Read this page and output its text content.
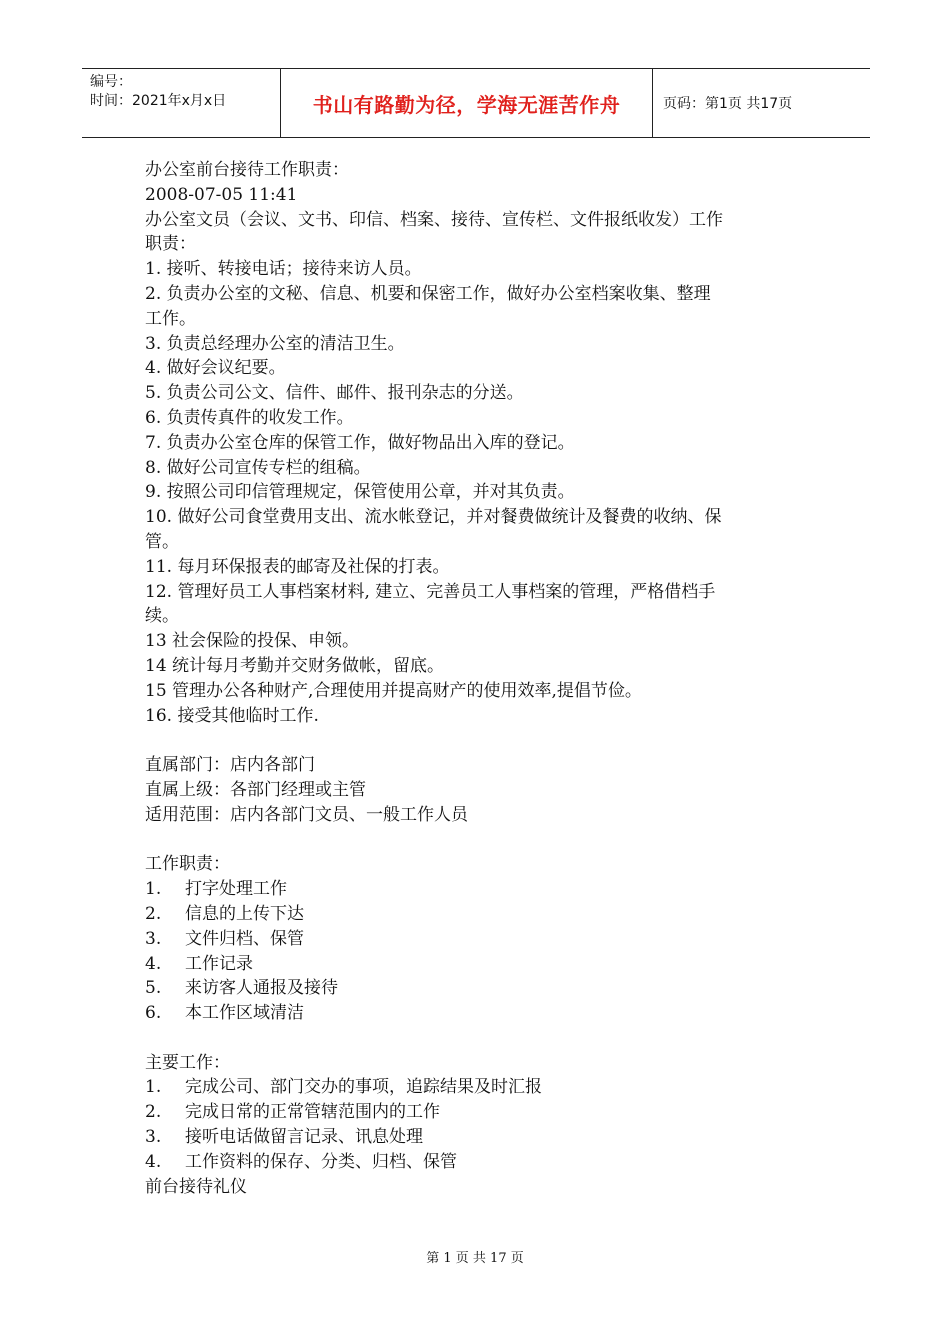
编号：
时间：2021年x月x日	书山有路勤为径，学海无涯苦作舟	页码：第1页 共17页
办公室前台接待工作职责：
2008-07-05 11:41
办公室文员（会议、文书、印信、档案、接待、宣传栏、文件报纸收发）工作
职责：
1. 接听、转接电话；接待来访人员。
2. 负责办公室的文秘、信息、机要和保密工作，做好办公室档案收集、整理
工作。
3. 负责总经理办公室的清洁卫生。
4. 做好会议纪要。
5. 负责公司公文、信件、邮件、报刊杂志的分送。
6. 负责传真件的收发工作。
7. 负责办公室仓库的保管工作，做好物品出入库的登记。
8. 做好公司宣传专栏的组稿。
9. 按照公司印信管理规定，保管使用公章，并对其负责。
10. 做好公司食堂费用支出、流水帐登记，并对餐费做统计及餐费的收纳、保
管。
11. 每月环保报表的邮寄及社保的打表。
12. 管理好员工人事档案材料, 建立、完善员工人事档案的管理，严格借档手
续。
13 社会保险的投保、申领。
14 统计每月考勤并交财务做帐，留底。
15 管理办公各种财产,合理使用并提高财产的使用效率,提倡节俭。
16. 接受其他临时工作.
直属部门：店内各部门
直属上级：各部门经理或主管
适用范围：店内各部门文员、一般工作人员
工作职责：
1. 打字处理工作
2. 信息的上传下达
3. 文件归档、保管
4. 工作记录
5. 来访客人通报及接待
6. 本工作区域清洁
主要工作：
1. 完成公司、部门交办的事项，追踪结果及时汇报
2. 完成日常的正常管辖范围内的工作
3. 接听电话做留言记录、讯息处理
4. 工作资料的保存、分类、归档、保管
前台接待礼仪
第 1 页 共 17 页
